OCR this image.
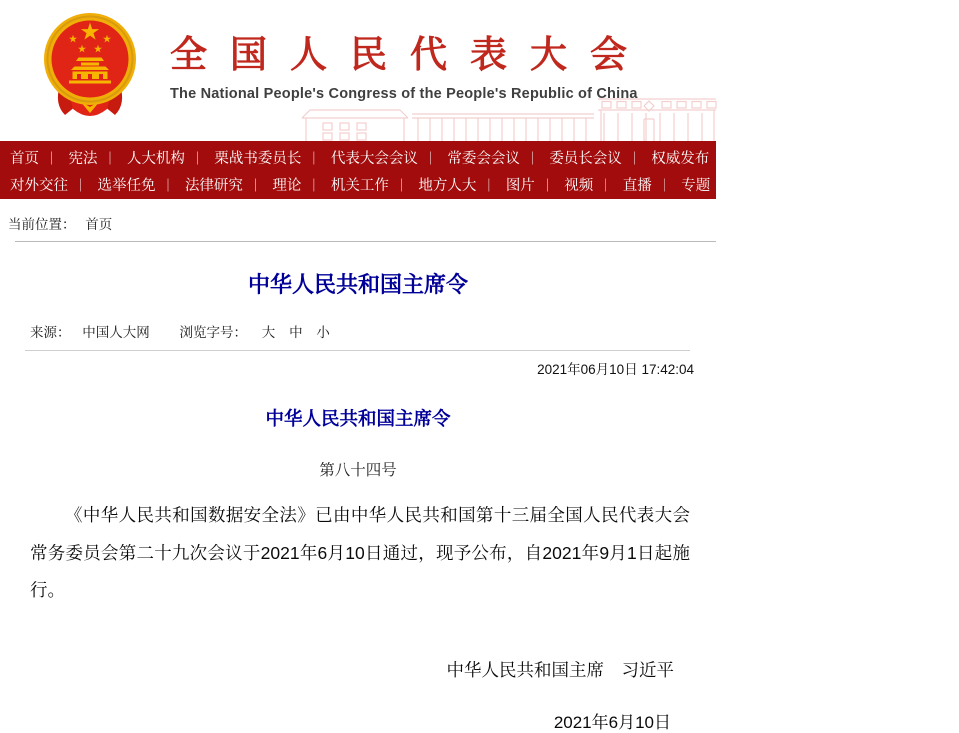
全国人民代表大会
The National People's Congress of the People's Republic of China
首页 ｜ 宪法 ｜ 人大机构 ｜ 栗战书委员长 ｜ 代表大会会议 ｜ 常委会会议 ｜ 委员长会议 ｜ 权威发布 ｜ 立法 ｜ 监督 ｜ 代表
对外交往 ｜ 选举任免 ｜ 法律研究 ｜ 理论 ｜ 机关工作 ｜ 地方人大 ｜ 图片 ｜ 视频 ｜ 直播 ｜ 专题 ｜ 资料库 ｜ 国旗 ｜ 国歌 ｜ 国徽
当前位置： 首页
中华人民共和国主席令
来源： 中国人大网 浏览字号： 大 中 小
2021年06月10日 17:42:04
中华人民共和国主席令
第八十四号
《中华人民共和国数据安全法》已由中华人民共和国第十三届全国人民代表大会常务委员会第二十九次会议于2021年6月10日通过，现予公布，自2021年9月1日起施行。
中华人民共和国主席　习近平
2021年6月10日
